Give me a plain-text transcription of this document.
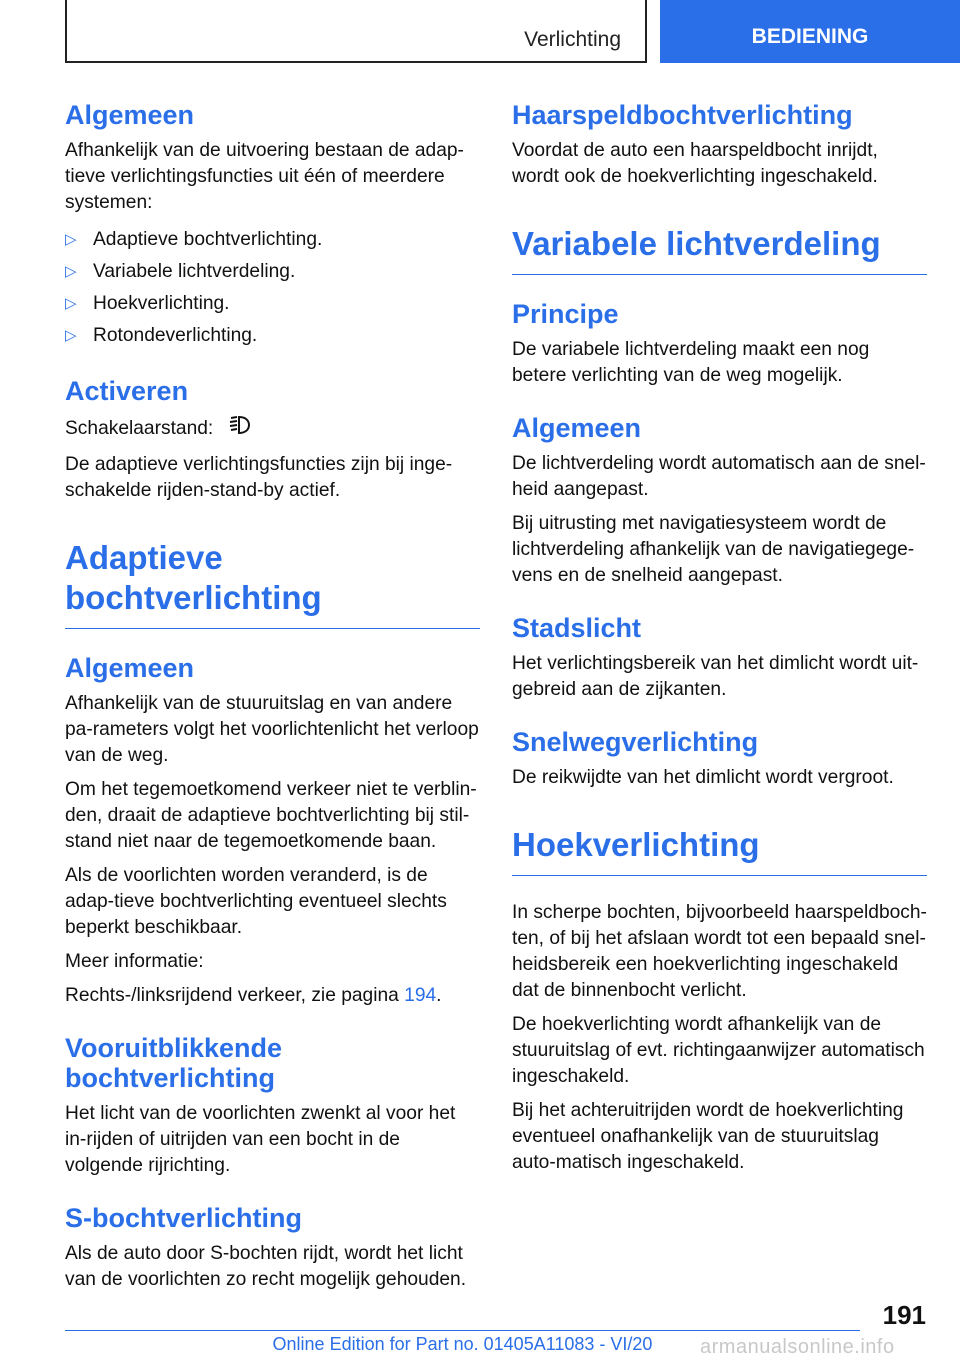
Verlichting	BEDIENING
Algemeen

Afhankelijk van de uitvoering bestaan de adap-tieve verlichtingsfuncties uit één of meerdere systemen:

▷ Adaptieve bochtverlichting.
▷ Variabele lichtverdeling.
▷ Hoekverlichting.
▷ Rotondeverlichting.
Activeren

Schakelaarstand:

De adaptieve verlichtingsfuncties zijn bij inge-schakelde rijden-stand-by actief.

Adaptieve bochtverlichting
Algemeen

Afhankelijk van de stuuruitslag en van andere pa-rameters volgt het voorlichtenlicht het verloop van de weg.

Om het tegemoetkomend verkeer niet te verblin-den, draait de adaptieve bochtverlichting bij stil-stand niet naar de tegemoetkomende baan.

Als de voorlichten worden veranderd, is de adap-tieve bochtverlichting eventueel slechts beperkt beschikbaar.

Meer informatie:

Rechts-/linksrijdend verkeer, zie pagina 194.

Vooruitblikkende bochtverlichting

Het licht van de voorlichten zwenkt al voor het in-rijden of uitrijden van een bocht in de volgende rijrichting.

S-bochtverlichting

Als de auto door S-bochten rijdt, wordt het licht van de voorlichten zo recht mogelijk gehouden.

Haarspeldbochtverlichting

Voordat de auto een haarspeldbocht inrijdt, wordt ook de hoekverlichting ingeschakeld.

Variabele lichtverdeling
Principe

De variabele lichtverdeling maakt een nog betere verlichting van de weg mogelijk.

Algemeen

De lichtverdeling wordt automatisch aan de snel-heid aangepast.

Bij uitrusting met navigatiesysteem wordt de lichtverdeling afhankelijk van de navigatiegege-vens en de snelheid aangepast.

Stadslicht

Het verlichtingsbereik van het dimlicht wordt uit-gebreid aan de zijkanten.

Snelwegverlichting

De reikwijdte van het dimlicht wordt vergroot.

Hoekverlichting

In scherpe bochten, bijvoorbeeld haarspeldboch-ten, of bij het afslaan wordt tot een bepaald snel-heidsbereik een hoekverlichting ingeschakeld dat de binnenbocht verlicht.

De hoekverlichting wordt afhankelijk van de stuuruitslag of evt. richtingaanwijzer automatisch ingeschakeld.

Bij het achteruitrijden wordt de hoekverlichting eventueel onafhankelijk van de stuuruitslag auto-matisch ingeschakeld.

191
Online Edition for Part no. 01405A11083 - VI/20	armanualsonline.info
